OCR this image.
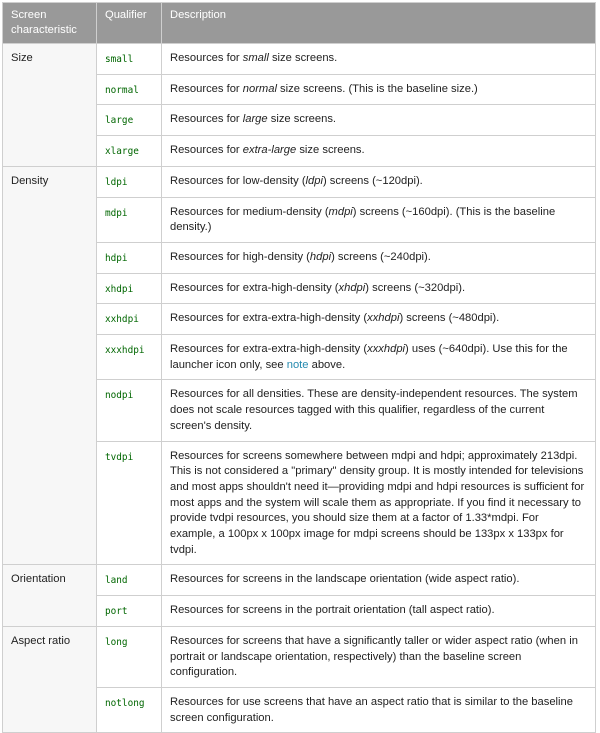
Screen characteristic	Qualifier	Description
Size	small	Resources for small size screens.
	normal	Resources for normal size screens. (This is the baseline size.)
	large	Resources for large size screens.
	xlarge	Resources for extra-large size screens.
Density	ldpi	Resources for low-density (ldpi) screens (~120dpi).
	mdpi	Resources for medium-density (mdpi) screens (~160dpi). (This is the baseline density.)
	hdpi	Resources for high-density (hdpi) screens (~240dpi).
	xhdpi	Resources for extra-high-density (xhdpi) screens (~320dpi).
	xxhdpi	Resources for extra-extra-high-density (xxhdpi) screens (~480dpi).
	xxxhdpi	Resources for extra-extra-high-density (xxxhdpi) uses (~640dpi). Use this for the launcher icon only, see note above.
	nodpi	Resources for all densities. These are density-independent resources. The system does not scale resources tagged with this qualifier, regardless of the current screen's density.
	tvdpi	Resources for screens somewhere between mdpi and hdpi; approximately 213dpi. This is not considered a "primary" density group. It is mostly intended for televisions and most apps shouldn't need it—providing mdpi and hdpi resources is sufficient for most apps and the system will scale them as appropriate. If you find it necessary to provide tvdpi resources, you should size them at a factor of 1.33*mdpi. For example, a 100px x 100px image for mdpi screens should be 133px x 133px for tvdpi.
Orientation	land	Resources for screens in the landscape orientation (wide aspect ratio).
	port	Resources for screens in the portrait orientation (tall aspect ratio).
Aspect ratio	long	Resources for screens that have a significantly taller or wider aspect ratio (when in portrait or landscape orientation, respectively) than the baseline screen configuration.
	notlong	Resources for use screens that have an aspect ratio that is similar to the baseline screen configuration.
